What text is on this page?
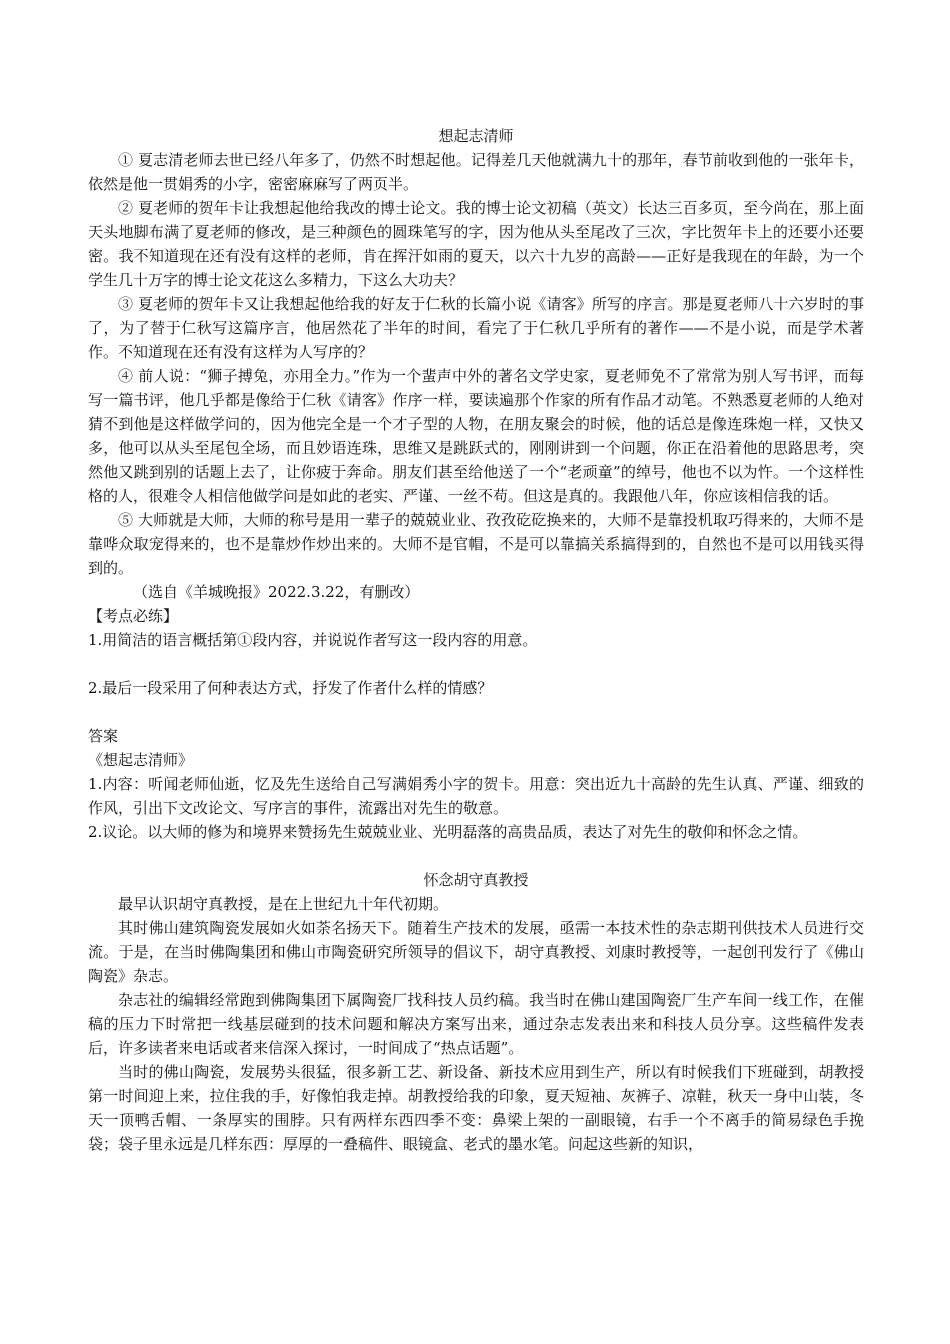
想起志清师

① 夏志清老师去世已经八年多了，仍然不时想起他。记得差几天他就满九十的那年，春节前收到他的一张年卡，依然是他一贯娟秀的小字，密密麻麻写了两页半。

② 夏老师的贺年卡让我想起他给我改的博士论文。我的博士论文初稿（英文）长达三百多页，至今尚在，那上面天头地脚布满了夏老师的修改，是三种颜色的圆珠笔写的字，因为他从头至尾改了三次，字比贺年卡上的还要小还要密。我不知道现在还有没有这样的老师，肯在挥汗如雨的夏天，以六十九岁的高龄——正好是我现在的年龄，为一个学生几十万字的博士论文花这么多精力，下这么大功夫？

③ 夏老师的贺年卡又让我想起他给我的好友于仁秋的长篇小说《请客》所写的序言。那是夏老师八十六岁时的事了，为了替于仁秋写这篇序言，他居然花了半年的时间，看完了于仁秋几乎所有的著作——不是小说，而是学术著作。不知道现在还有没有这样为人写序的？

④ 前人说：“狮子搏兔，亦用全力。”作为一个蜚声中外的著名文学史家，夏老师免不了常常为别人写书评，而每写一篇书评，他几乎都是像给于仁秋《请客》作序一样，要读遍那个作家的所有作品才动笔。不熟悉夏老师的人绝对猜不到他是这样做学问的，因为他完全是一个才子型的人物，在朋友聚会的时候，他的话总是像连珠炮一样，又快又多，他可以从头至尾包全场，而且妙语连珠，思维又是跳跃式的，刚刚讲到一个问题，你正在沿着他的思路思考，突然他又跳到别的话题上去了，让你疲于奔命。朋友们甚至给他送了一个“老顽童”的绰号，他也不以为忤。一个这样性格的人，很难令人相信他做学问是如此的老实、严谨、一丝不苟。但这是真的。我跟他八年，你应该相信我的话。

⑤ 大师就是大师，大师的称号是用一辈子的兢兢业业、孜孜矻矻换来的，大师不是靠投机取巧得来的，大师不是靠哗众取宠得来的，也不是靠炒作炒出来的。大师不是官帽，不是可以靠搞关系搞得到的，自然也不是可以用钱买得到的。

（选自《羊城晚报》2022.3.22，有删改）

【考点必练】

1.用简洁的语言概括第①段内容，并说说作者写这一段内容的用意。

2.最后一段采用了何种表达方式，抒发了作者什么样的情感？

答案

《想起志清师》

1.内容：听闻老师仙逝，忆及先生送给自己写满娟秀小字的贺卡。用意：突出近九十高龄的先生认真、严谨、细致的作风，引出下文改论文、写序言的事件，流露出对先生的敬意。

2.议论。以大师的修为和境界来赞扬先生兢兢业业、光明磊落的高贵品质，表达了对先生的敬仰和怀念之情。

怀念胡守真教授

最早认识胡守真教授，是在上世纪九十年代初期。

其时佛山建筑陶瓷发展如火如荼名扬天下。随着生产技术的发展，亟需一本技术性的杂志期刊供技术人员进行交流。于是，在当时佛陶集团和佛山市陶瓷研究所领导的倡议下，胡守真教授、刘康时教授等，一起创刊发行了《佛山陶瓷》杂志。

杂志社的编辑经常跑到佛陶集团下属陶瓷厂找科技人员约稿。我当时在佛山建国陶瓷厂生产车间一线工作，在催稿的压力下时常把一线基层碰到的技术问题和解决方案写出来，通过杂志发表出来和科技人员分享。这些稿件发表后，许多读者来电话或者来信深入探讨，一时间成了“热点话题”。

当时的佛山陶瓷，发展势头很猛，很多新工艺、新设备、新技术应用到生产，所以有时候我们下班碰到，胡教授第一时间迎上来，拉住我的手，好像怕我走掉。胡教授给我的印象，夏天短袖、灰裤子、凉鞋，秋天一身中山装，冬天一顶鸭舌帽、一条厚实的围脖。只有两样东西四季不变：鼻梁上架的一副眼镜，右手一个不离手的简易绿色手挽袋；袋子里永远是几样东西：厚厚的一叠稿件、眼镜盒、老式的墨水笔。问起这些新的知识，
